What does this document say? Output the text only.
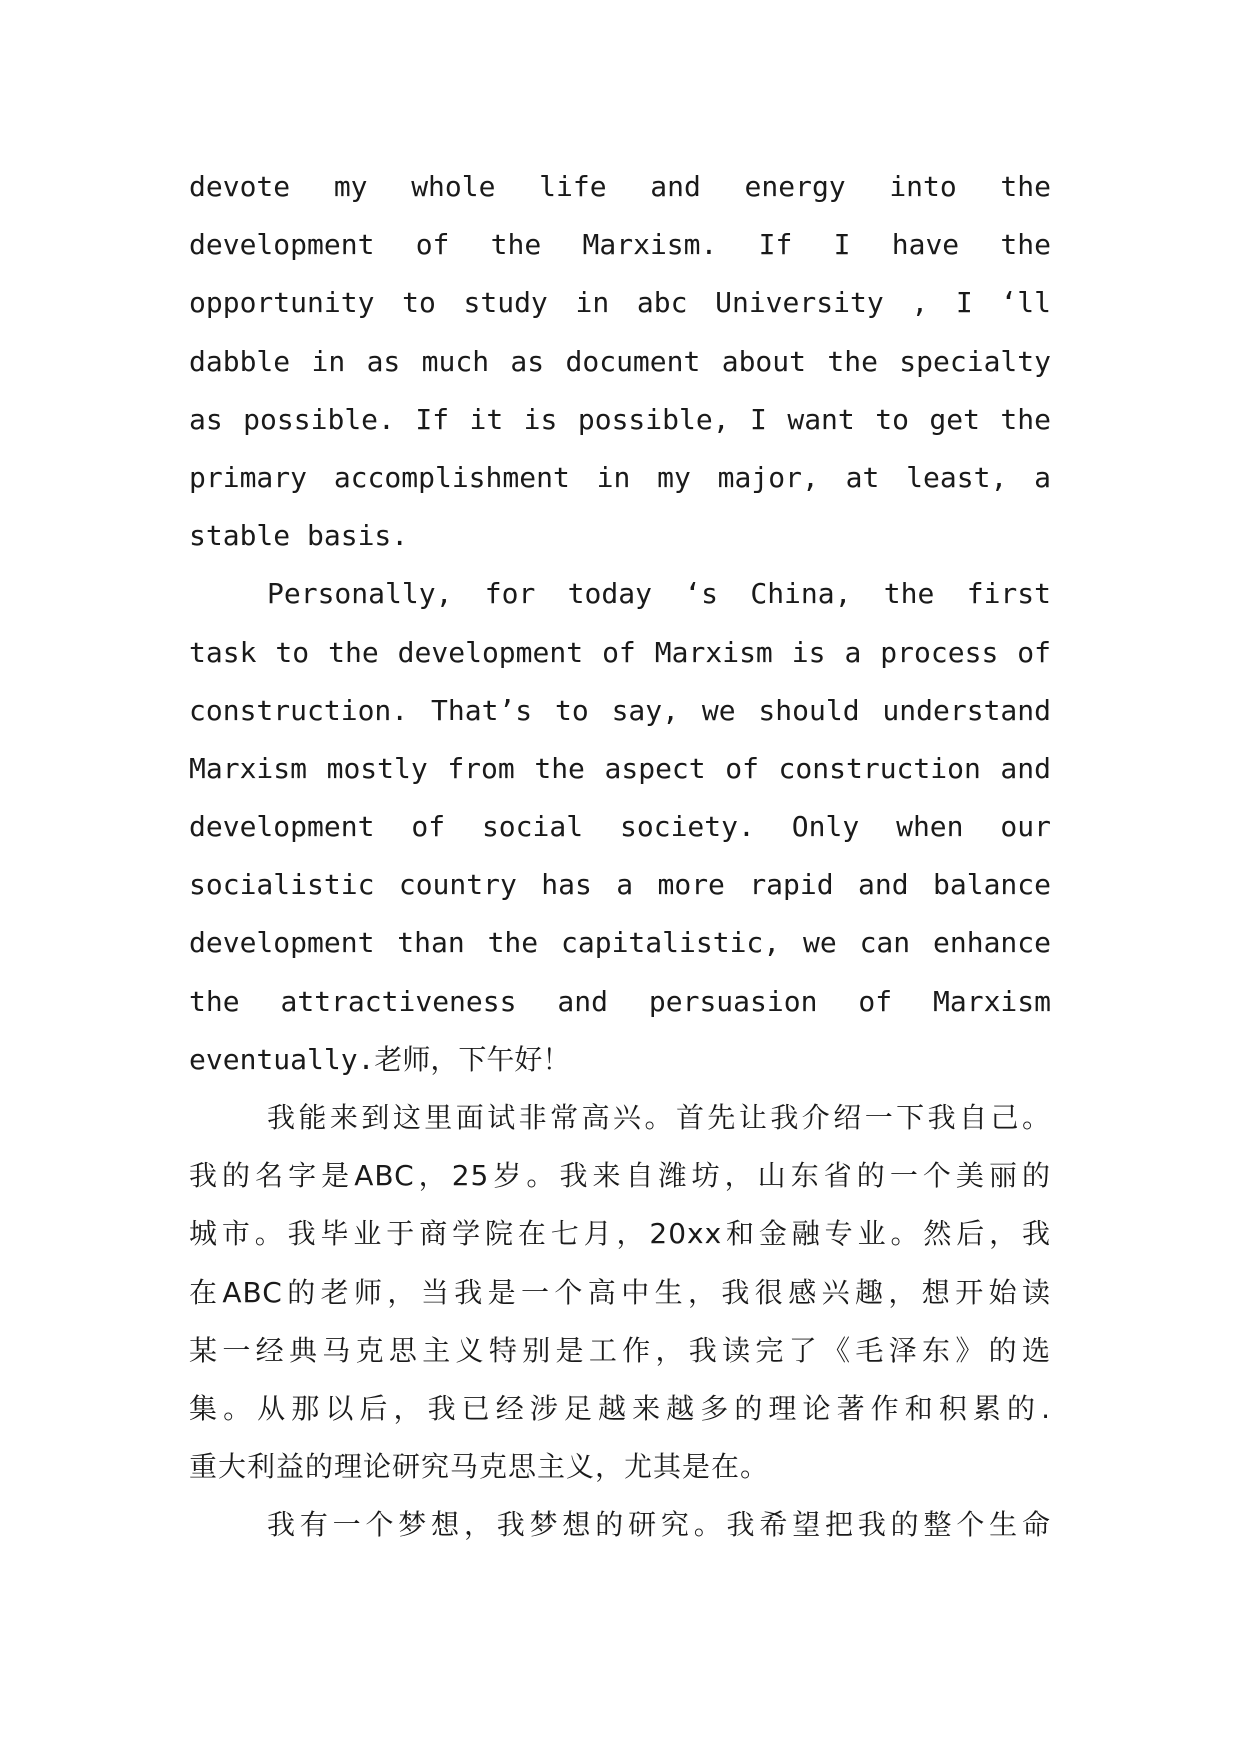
devote my whole life and energy into the
development of the Marxism. If I have the
opportunity to study in abc University , I ‘ll
dabble in as much as document about the specialty
as possible. If it is possible, I want to get the
primary accomplishment in my major, at least, a
stable basis.
Personally, for today ‘s China, the first
task to the development of Marxism is a process of
construction. That’s to say, we should understand
Marxism mostly from the aspect of construction and
development of social society. Only when our
socialistic country has a more rapid and balance
development than the capitalistic, we can enhance
the attractiveness and persuasion of Marxism
eventually.老师，下午好！
我能来到这里面试非常高兴。首先让我介绍一下我自己。
我的名字是ABC，25岁。我来自潍坊，山东省的一个美丽的
城市。我毕业于商学院在七月，20xx和金融专业。然后，我
在ABC的老师，当我是一个高中生，我很感兴趣，想开始读
某一经典马克思主义特别是工作，我读完了《毛泽东》的选
集。从那以后，我已经涉足越来越多的理论著作和积累的.
重大利益的理论研究马克思主义，尤其是在。
我有一个梦想，我梦想的研究。我希望把我的整个生命
